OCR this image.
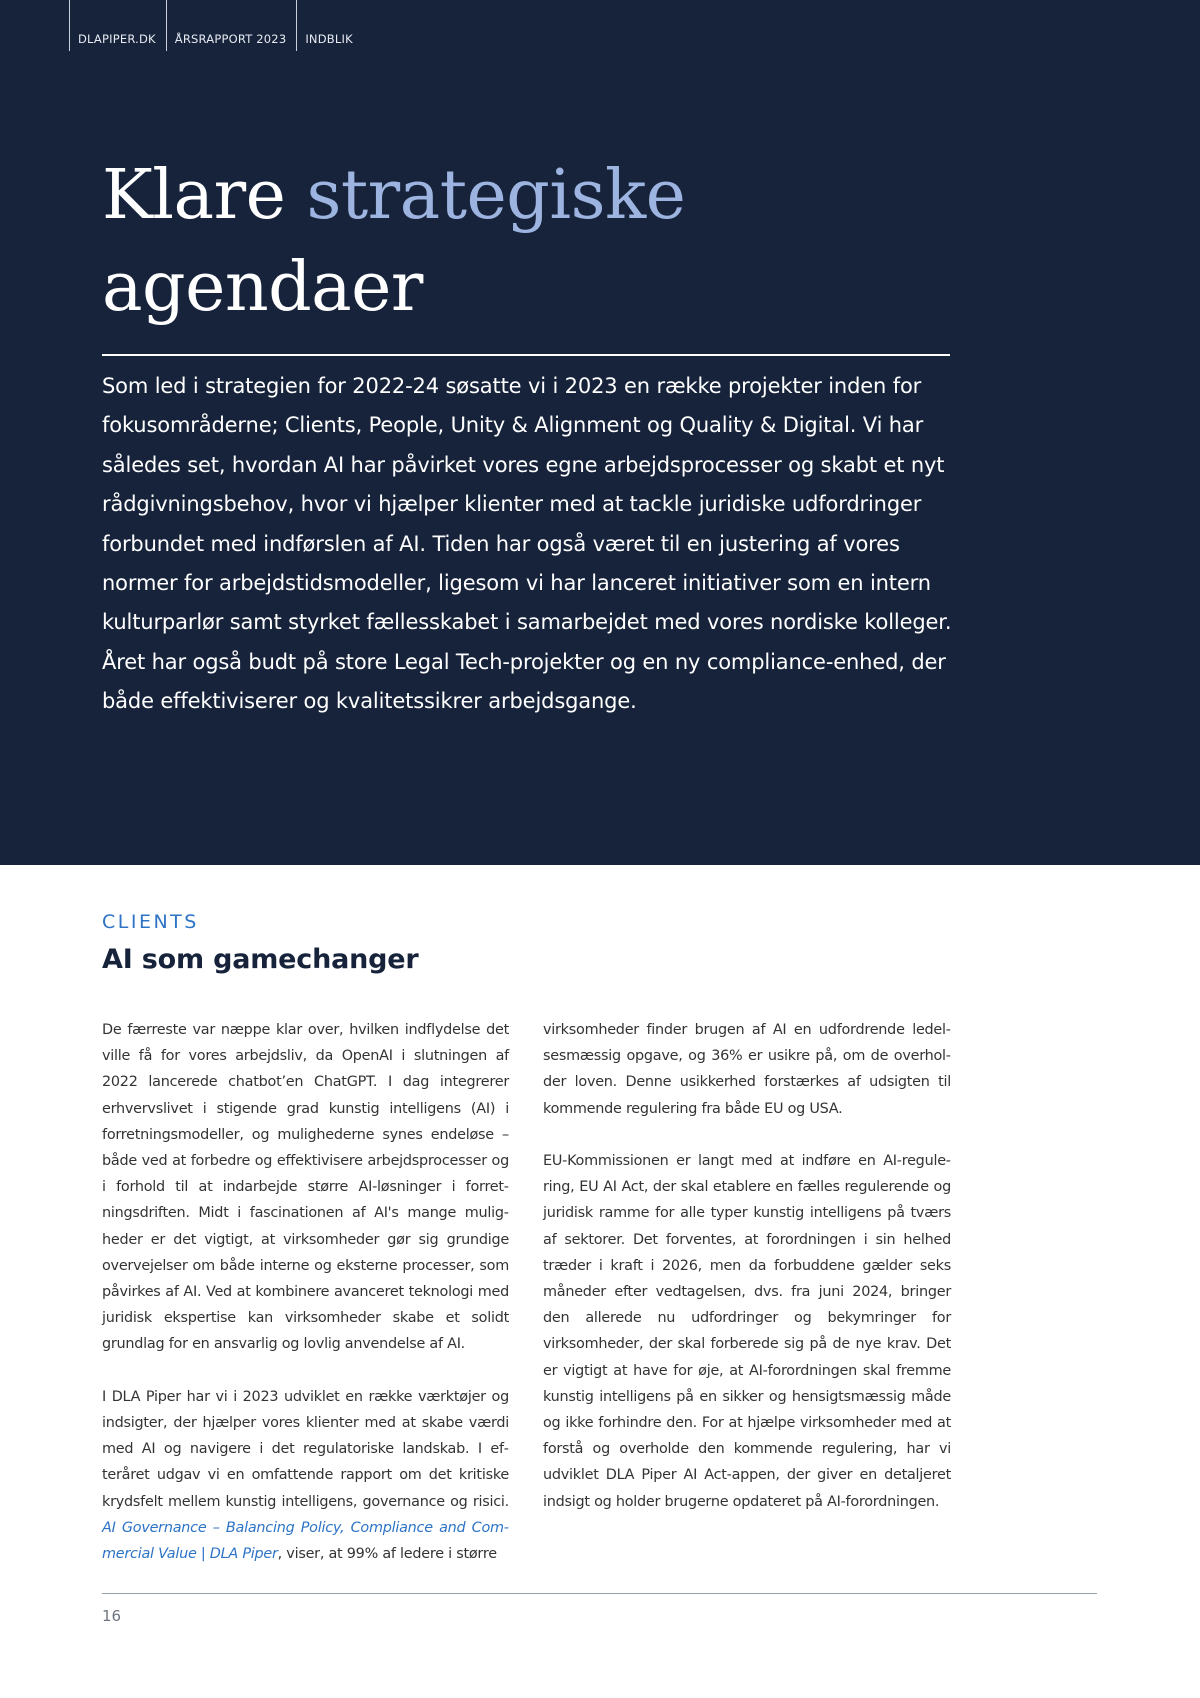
DLAPIPER.DK	ÅRSRAPPORT 2023	INDBLIK
Klare strategiske
agendaer

Som led i strategien for 2022-24 søsatte vi i 2023 en række projekter inden for fokusområderne; Clients, People, Unity & Alignment og Quality & Digital. Vi har således set, hvordan AI har påvirket vores egne arbejdsprocesser og skabt et nyt rådgivningsbehov, hvor vi hjælper klienter med at tackle juridiske udfordringer forbundet med indførslen af AI. Tiden har også været til en justering af vores normer for arbejdstidsmodeller, ligesom vi har lanceret initiativer som en intern kulturparlør samt styrket fællesskabet i samarbejdet med vores nordiske kolleger. Året har også budt på store Legal Tech-projekter og en ny compliance-enhed, der både effektiviserer og kvalitetssikrer arbejdsgange.

CLIENTS
AI som gamechanger

De færreste var næppe klar over, hvilken indflydelse det ville få for vores arbejdsliv, da OpenAI i slutningen af 2022 lancerede chatbot’en ChatGPT. I dag integrerer erhvervslivet i stigende grad kunstig intelligens (AI) i forretningsmodeller, og mulighederne synes endeløse – både ved at forbedre og effektivisere arbejdsprocesser og i forhold til at indarbejde større AI-løsninger i forretningsdriften. Midt i fascinationen af AI's mange muligheder er det vigtigt, at virksomheder gør sig grundige overvejelser om både interne og eksterne processer, som påvirkes af AI. Ved at kombinere avanceret teknologi med juridisk ekspertise kan virksomheder skabe et solidt grundlag for en ansvarlig og lovlig anvendelse af AI.

I DLA Piper har vi i 2023 udviklet en række værktøjer og indsigter, der hjælper vores klienter med at skabe værdi med AI og navigere i det regulatoriske landskab. I efteråret udgav vi en omfattende rapport om det kritiske krydsfelt mellem kunstig intelligens, governance og risici. AI Governance – Balancing Policy, Compliance and Commercial Value | DLA Piper, viser, at 99% af ledere i større

virksomheder finder brugen af AI en udfordrende ledelsesmæssig opgave, og 36% er usikre på, om de overholder loven. Denne usikkerhed forstærkes af udsigten til kommende regulering fra både EU og USA.

EU-Kommissionen er langt med at indføre en AI-regulering, EU AI Act, der skal etablere en fælles regulerende og juridisk ramme for alle typer kunstig intelligens på tværs af sektorer. Det forventes, at forordningen i sin helhed træder i kraft i 2026, men da forbuddene gælder seks måneder efter vedtagelsen, dvs. fra juni 2024, bringer den allerede nu udfordringer og bekymringer for virksomheder, der skal forberede sig på de nye krav. Det er vigtigt at have for øje, at AI-forordningen skal fremme kunstig intelligens på en sikker og hensigtsmæssig måde og ikke forhindre den. For at hjælpe virksomheder med at forstå og overholde den kommende regulering, har vi udviklet DLA Piper AI Act-appen, der giver en detaljeret indsigt og holder brugerne opdateret på AI-forordningen.

16
